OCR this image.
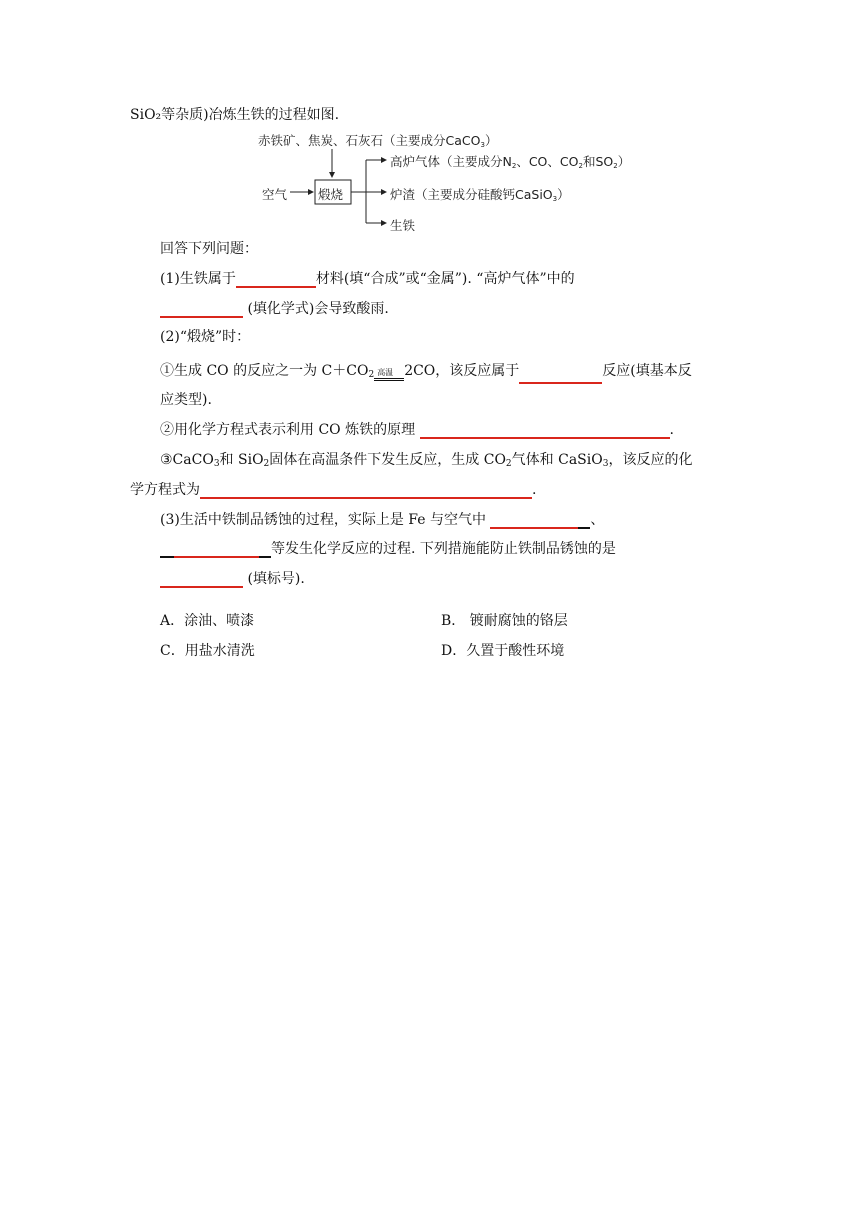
SiO₂等杂质)冶炼生铁的过程如图.
赤铁矿、焦炭、石灰石（主要成分CaCO3）
空气 煅烧
高炉气体（主要成分N2、CO、CO2和SO2）
炉渣（主要成分硅酸钙CaSiO3）
生铁
回答下列问题：
(1)生铁属于	材料(填“合成”或“金属”). “高炉气体”中的
(填化学式)会导致酸雨.
(2)“煅烧”时：
①生成 CO 的反应之一为 $C+CO_2$ 高温 2CO，该反应属于	反应(填基本反
应类型).
②用化学方程式表示利用 CO 炼铁的原理	.
③CaCO$_3$和 SiO$_2$固体在高温条件下发生反应，生成 $CO_2$气体和 CaSiO$_3$，该反应的化
学方程式为	.
(3)生活中铁制品锈蚀的过程，实际上是 Fe 与空气中	、
等发生化学反应的过程. 下列措施能防止铁制品锈蚀的是
(填标号).
A．涂油、喷漆	B． 镀耐腐蚀的铬层
C．用盐水清洗	D．久置于酸性环境
